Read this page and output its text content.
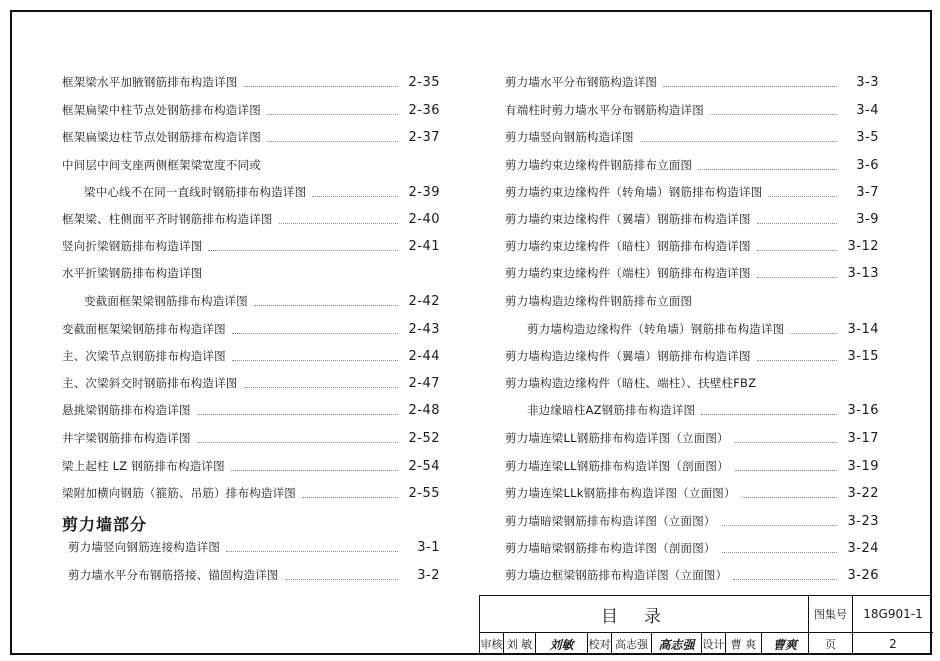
剪力墙部分
框架梁水平加腋钢筋排布构造详图	2-35
框架扁梁中柱节点处钢筋排布构造详图	2-36
框架扁梁边柱节点处钢筋排布构造详图	2-37
中间层中间支座两侧框架梁宽度不同或
梁中心线不在同一直线时钢筋排布构造详图	2-39
框架梁、柱侧面平齐时钢筋排布构造详图	2-40
竖向折梁钢筋排布构造详图	2-41
水平折梁钢筋排布构造详图
变截面框架梁钢筋排布构造详图	2-42
变截面框架梁钢筋排布构造详图	2-43
主、次梁节点钢筋排布构造详图	2-44
主、次梁斜交时钢筋排布构造详图	2-47
悬挑梁钢筋排布构造详图	2-48
井字梁钢筋排布构造详图	2-52
梁上起柱 LZ 钢筋排布构造详图	2-54
梁附加横向钢筋（箍筋、吊筋）排布构造详图	2-55
剪力墙竖向钢筋连接构造详图	3-1
剪力墙水平分布钢筋搭接、锚固构造详图	3-2
剪力墙水平分布钢筋构造详图	3-3
有端柱时剪力墙水平分布钢筋构造详图	3-4
剪力墙竖向钢筋构造详图	3-5
剪力墙约束边缘构件钢筋排布立面图	3-6
剪力墙约束边缘构件（转角墙）钢筋排布构造详图	3-7
剪力墙约束边缘构件（翼墙）钢筋排布构造详图	3-9
剪力墙约束边缘构件（暗柱）钢筋排布构造详图	3-12
剪力墙约束边缘构件（端柱）钢筋排布构造详图	3-13
剪力墙构造边缘构件钢筋排布立面图
剪力墙构造边缘构件（转角墙）钢筋排布构造详图	3-14
剪力墙构造边缘构件（翼墙）钢筋排布构造详图	3-15
剪力墙构造边缘构件（暗柱、端柱）、扶壁柱FBZ
非边缘暗柱AZ钢筋排布构造详图	3-16
剪力墙连梁LL钢筋排布构造详图（立面图）	3-17
剪力墙连梁LL钢筋排布构造详图（剖面图）	3-19
剪力墙连梁LLk钢筋排布构造详图（立面图）	3-22
剪力墙暗梁钢筋排布构造详图（立面图）	3-23
剪力墙暗梁钢筋排布构造详图（剖面图）	3-24
剪力墙边框梁钢筋排布构造详图（立面图）	3-26
目录	图集号	18G901-1
审核 刘 敏	刘敏	校对 高志强 高志强 设计 曹 爽	曹爽	页	2
